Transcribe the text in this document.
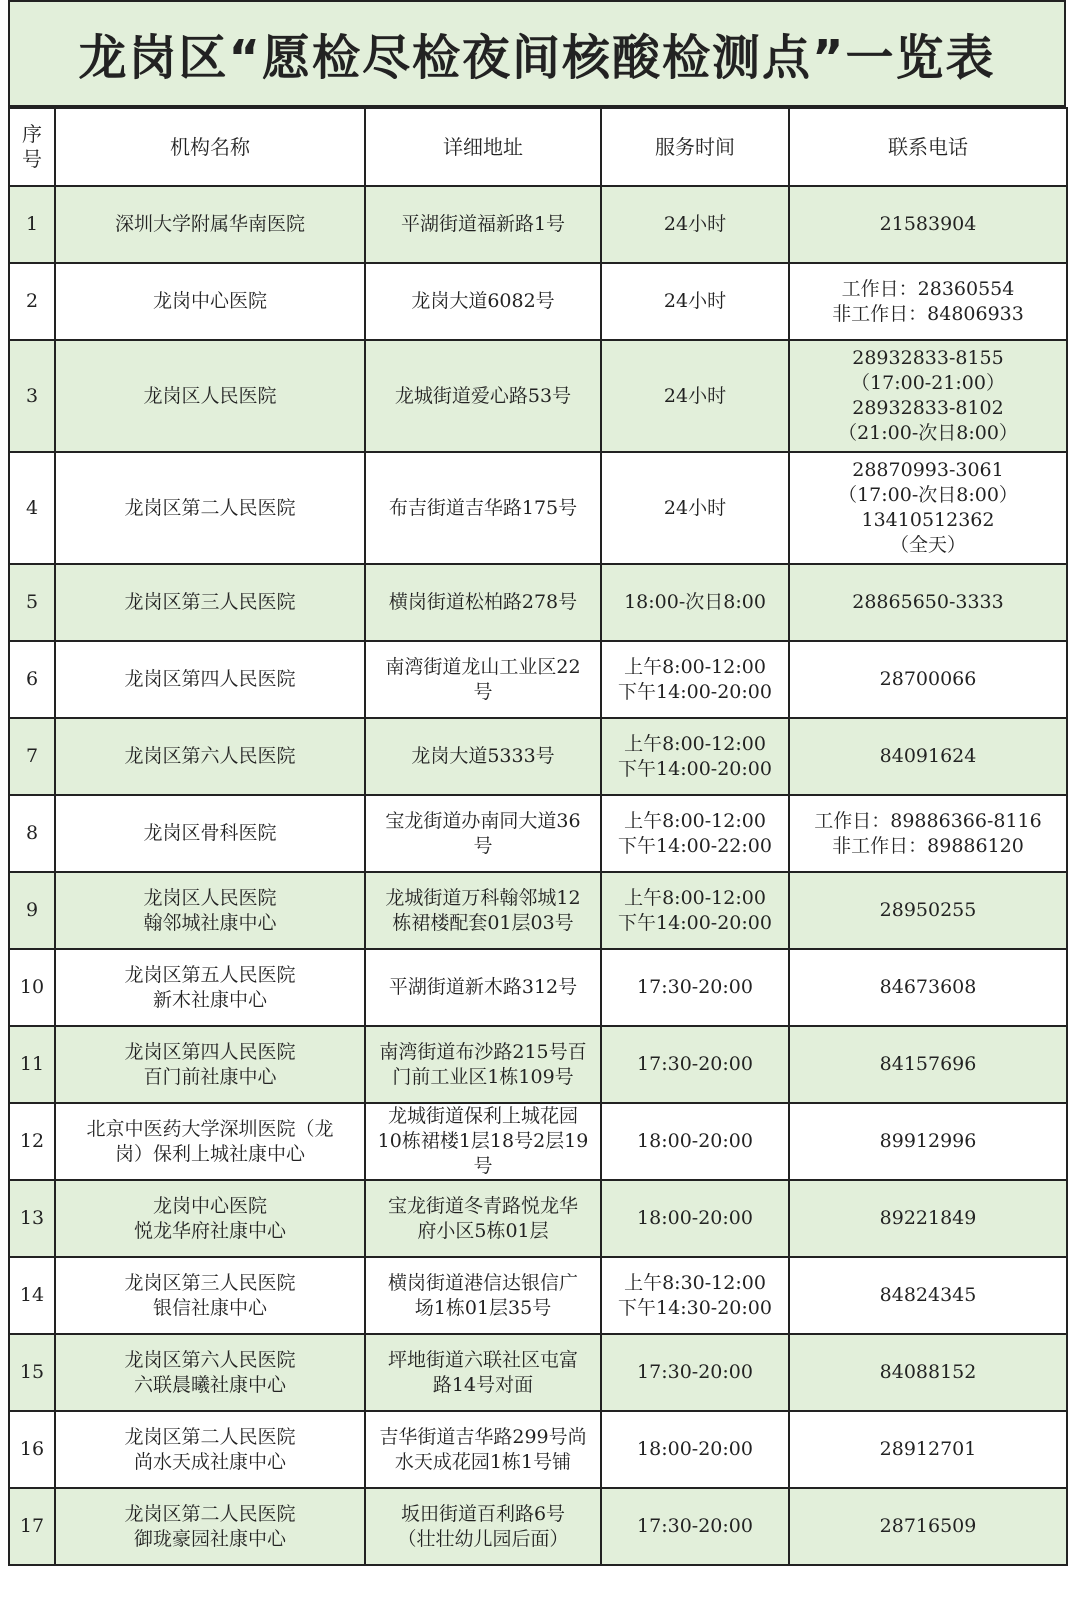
龙岗区“愿检尽检夜间核酸检测点”一览表
序
号	机构名称	详细地址	服务时间	联系电话
1	深圳大学附属华南医院	平湖街道福新路1号	24小时	21583904
2	龙岗中心医院	龙岗大道6082号	24小时	工作日：28360554
非工作日：84806933
3	龙岗区人民医院	龙城街道爱心路53号	24小时	28932833-8155
（17:00-21:00）
28932833-8102
（21:00-次日8:00）
4	龙岗区第二人民医院	布吉街道吉华路175号	24小时	28870993-3061
（17:00-次日8:00）
13410512362
（全天）
5	龙岗区第三人民医院	横岗街道松柏路278号	18:00-次日8:00	28865650-3333
6	龙岗区第四人民医院	南湾街道龙山工业区22
号	上午8:00-12:00
下午14:00-20:00	28700066
7	龙岗区第六人民医院	龙岗大道5333号	上午8:00-12:00
下午14:00-20:00	84091624
8	龙岗区骨科医院	宝龙街道办南同大道36
号	上午8:00-12:00
下午14:00-22:00	工作日：89886366-8116
非工作日：89886120
9	龙岗区人民医院
翰邻城社康中心	龙城街道万科翰邻城12
栋裙楼配套01层03号	上午8:00-12:00
下午14:00-20:00	28950255
10	龙岗区第五人民医院
新木社康中心	平湖街道新木路312号	17:30-20:00	84673608
11	龙岗区第四人民医院
百门前社康中心	南湾街道布沙路215号百
门前工业区1栋109号	17:30-20:00	84157696
12	北京中医药大学深圳医院（龙
岗）保利上城社康中心	龙城街道保利上城花园
10栋裙楼1层18号2层19
号	18:00-20:00	89912996
13	龙岗中心医院
悦龙华府社康中心	宝龙街道冬青路悦龙华
府小区5栋01层	18:00-20:00	89221849
14	龙岗区第三人民医院
银信社康中心	横岗街道港信达银信广
场1栋01层35号	上午8:30-12:00
下午14:30-20:00	84824345
15	龙岗区第六人民医院
六联晨曦社康中心	坪地街道六联社区屯富
路14号对面	17:30-20:00	84088152
16	龙岗区第二人民医院
尚水天成社康中心	吉华街道吉华路299号尚
水天成花园1栋1号铺	18:00-20:00	28912701
17	龙岗区第二人民医院
御珑豪园社康中心	坂田街道百利路6号
（壮壮幼儿园后面）	17:30-20:00	28716509
